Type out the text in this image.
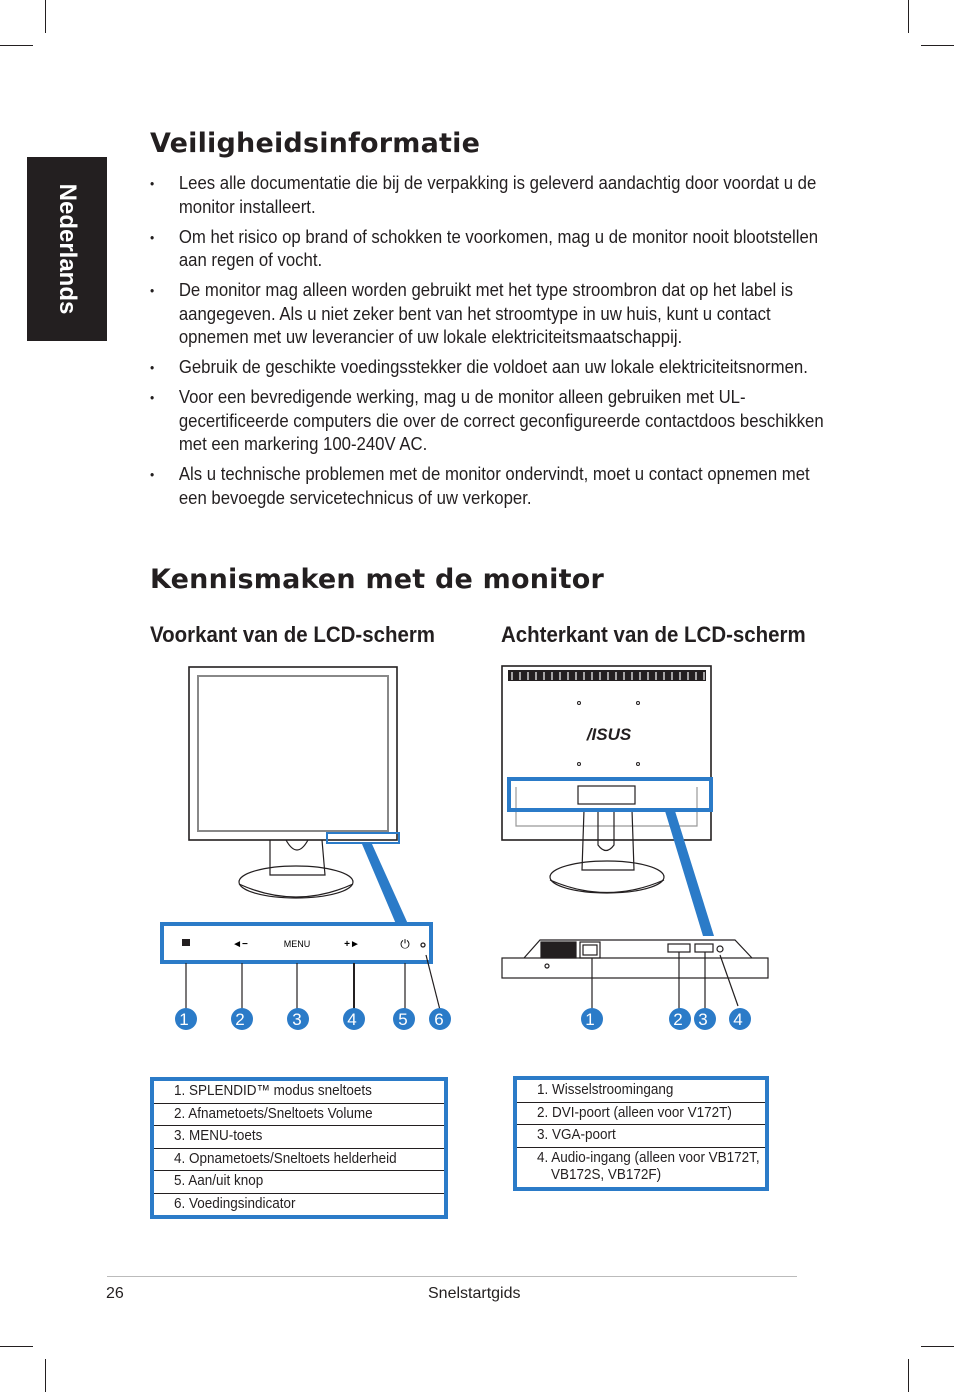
Nederlands
Veiligheidsinformatie
• Lees alle documentatie die bij de verpakking is geleverd aandachtig door voordat u de monitor installeert.
• Om het risico op brand of schokken te voorkomen, mag u de monitor nooit blootstellen aan regen of vocht.
• De monitor mag alleen worden gebruikt met het type stroombron dat op het label is aangegeven. Als u niet zeker bent van het stroomtype in uw huis, kunt u contact opnemen met uw leverancier of uw lokale elektriciteitsmaatschappij.
• Gebruik de geschikte voedingsstekker die voldoet aan uw lokale elektriciteitsnormen.
• Voor een bevredigende werking, mag u de monitor alleen gebruiken met UL-gecertificeerde computers die over de correct geconfigureerde contactdoos beschikken met een markering 100-240V AC.
• Als u technische problemen met de monitor ondervindt, moet u contact opnemen met een bevoegde servicetechnicus of uw verkoper.
Kennismaken met de monitor
Voorkant van de LCD-scherm	Achterkant van de LCD-scherm
◄−	MENU	+►	⏻
1	2	3	4 5 6
/ISUS
1	2 3 4
1. SPLENDID™ modus sneltoets
2. Afnametoets/Sneltoets Volume
3. MENU-toets
4. Opnametoets/Sneltoets helderheid
5. Aan/uit knop
6. Voedingsindicator
1. Wisselstroomingang
2. DVI-poort (alleen voor V172T)
3. VGA-poort
4. Audio-ingang (alleen voor VB172T,
VB172S, VB172F)
26	Snelstartgids
